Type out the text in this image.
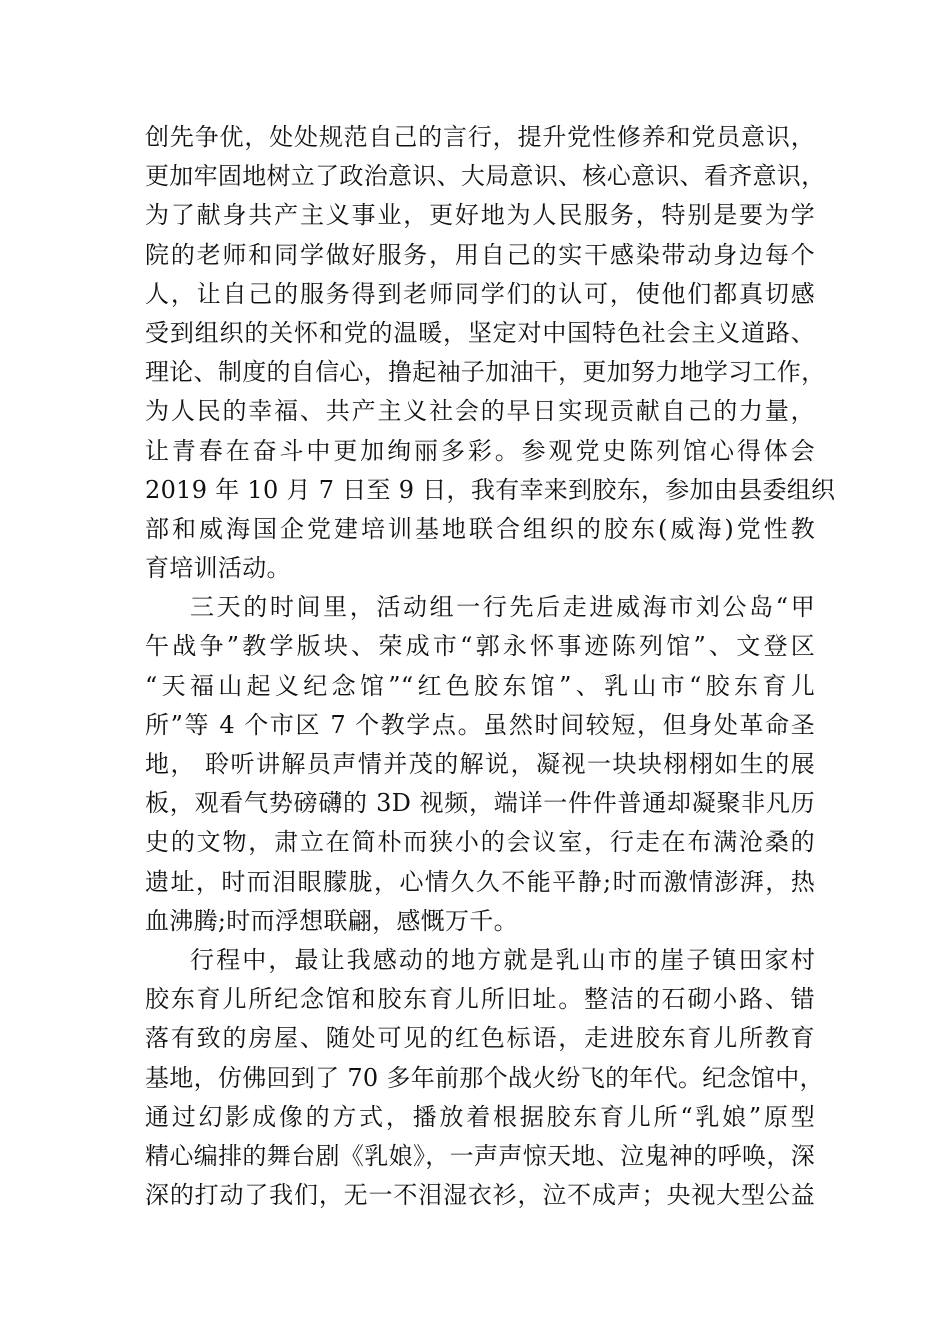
创先争优，处处规范自己的言行，提升党性修养和党员意识，
更加牢固地树立了政治意识、大局意识、核心意识、看齐意识，
为了献身共产主义事业，更好地为人民服务，特别是要为学
院的老师和同学做好服务，用自己的实干感染带动身边每个
人，让自己的服务得到老师同学们的认可，使他们都真切感
受到组织的关怀和党的温暖，坚定对中国特色社会主义道路、
理论、制度的自信心，撸起袖子加油干，更加努力地学习工作，
为人民的幸福、共产主义社会的早日实现贡献自己的力量，
让青春在奋斗中更加绚丽多彩。参观党史陈列馆心得体会
2019 年 10 月 7 日至 9 日，我有幸来到胶东，参加由县委组织
部和威海国企党建培训基地联合组织的胶东(威海)党性教
育培训活动。
三天的时间里，活动组一行先后走进威海市刘公岛“甲
午战争”教学版块、荣成市“郭永怀事迹陈列馆”、文登区
“天福山起义纪念馆”“红色胶东馆”、乳山市“胶东育儿
所”等 4 个市区 7 个教学点。虽然时间较短，但身处革命圣
地， 聆听讲解员声情并茂的解说，凝视一块块栩栩如生的展
板，观看气势磅礴的 3D 视频，端详一件件普通却凝聚非凡历
史的文物，肃立在简朴而狭小的会议室，行走在布满沧桑的
遗址，时而泪眼朦胧，心情久久不能平静;时而激情澎湃，热
血沸腾;时而浮想联翩，感慨万千。
行程中，最让我感动的地方就是乳山市的崖子镇田家村
胶东育儿所纪念馆和胶东育儿所旧址。整洁的石砌小路、错
落有致的房屋、随处可见的红色标语，走进胶东育儿所教育
基地，仿佛回到了 70 多年前那个战火纷飞的年代。纪念馆中，
通过幻影成像的方式，播放着根据胶东育儿所“乳娘”原型
精心编排的舞台剧《乳娘》，一声声惊天地、泣鬼神的呼唤，深
深的打动了我们，无一不泪湿衣衫，泣不成声；央视大型公益
